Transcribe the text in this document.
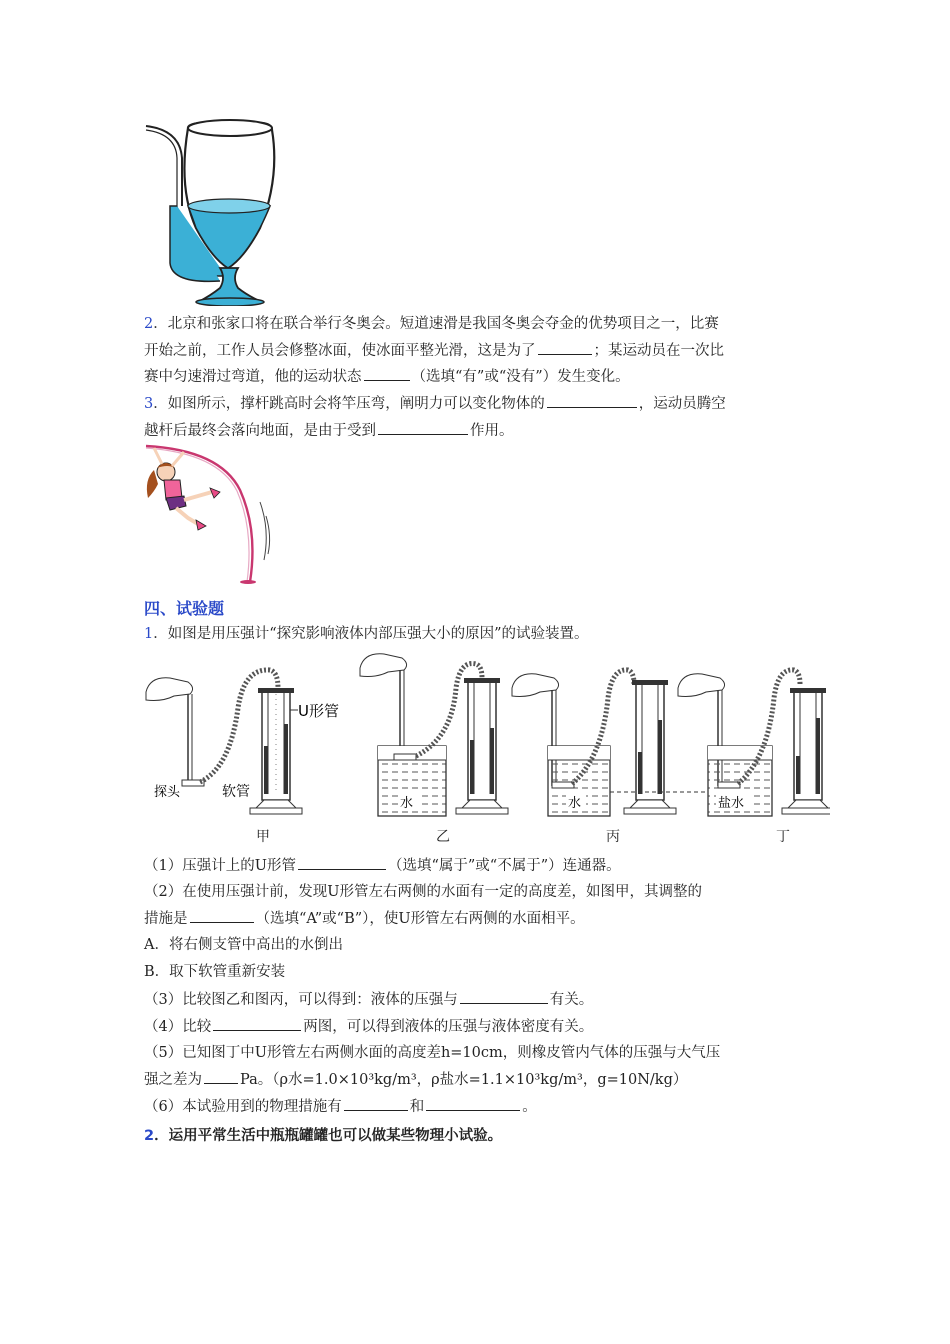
2．北京和张家口将在联合举行冬奥会。短道速滑是我国冬奥会夺金的优势项目之一，比赛
开始之前，工作人员会修整冰面，使冰面平整光滑，这是为了	；某运动员在一次比
赛中匀速滑过弯道，他的运动状态	（选填“有”或“没有”）发生变化。
3．如图所示，撑杆跳高时会将竿压弯，阐明力可以变化物体的	，运动员腾空
越杆后最终会落向地面，是由于受到	作用。
四、试验题
1．如图是用压强计“探究影响液体内部压强大小的原因”的试验装置。
U形管
探头	软管
水	水	盐水
甲	乙	丙	丁
（1）压强计上的U形管	（选填“属于”或“不属于”）连通器。
（2）在使用压强计前，发现U形管左右两侧的水面有一定的高度差，如图甲，其调整的
措施是	（选填“A”或“B”），使U形管左右两侧的水面相平。
A．将右侧支管中高出的水倒出
B．取下软管重新安装
（3）比较图乙和图丙，可以得到：液体的压强与	有关。
（4）比较	两图，可以得到液体的压强与液体密度有关。
（5）已知图丁中U形管左右两侧水面的高度差h=10cm，则橡皮管内气体的压强与大气压
强之差为	Pa。（ρ水=1.0×10³kg/m³，ρ盐水=1.1×10³kg/m³，g=10N/kg）
（6）本试验用到的物理措施有	和	。
2．运用平常生活中瓶瓶罐罐也可以做某些物理小试验。
